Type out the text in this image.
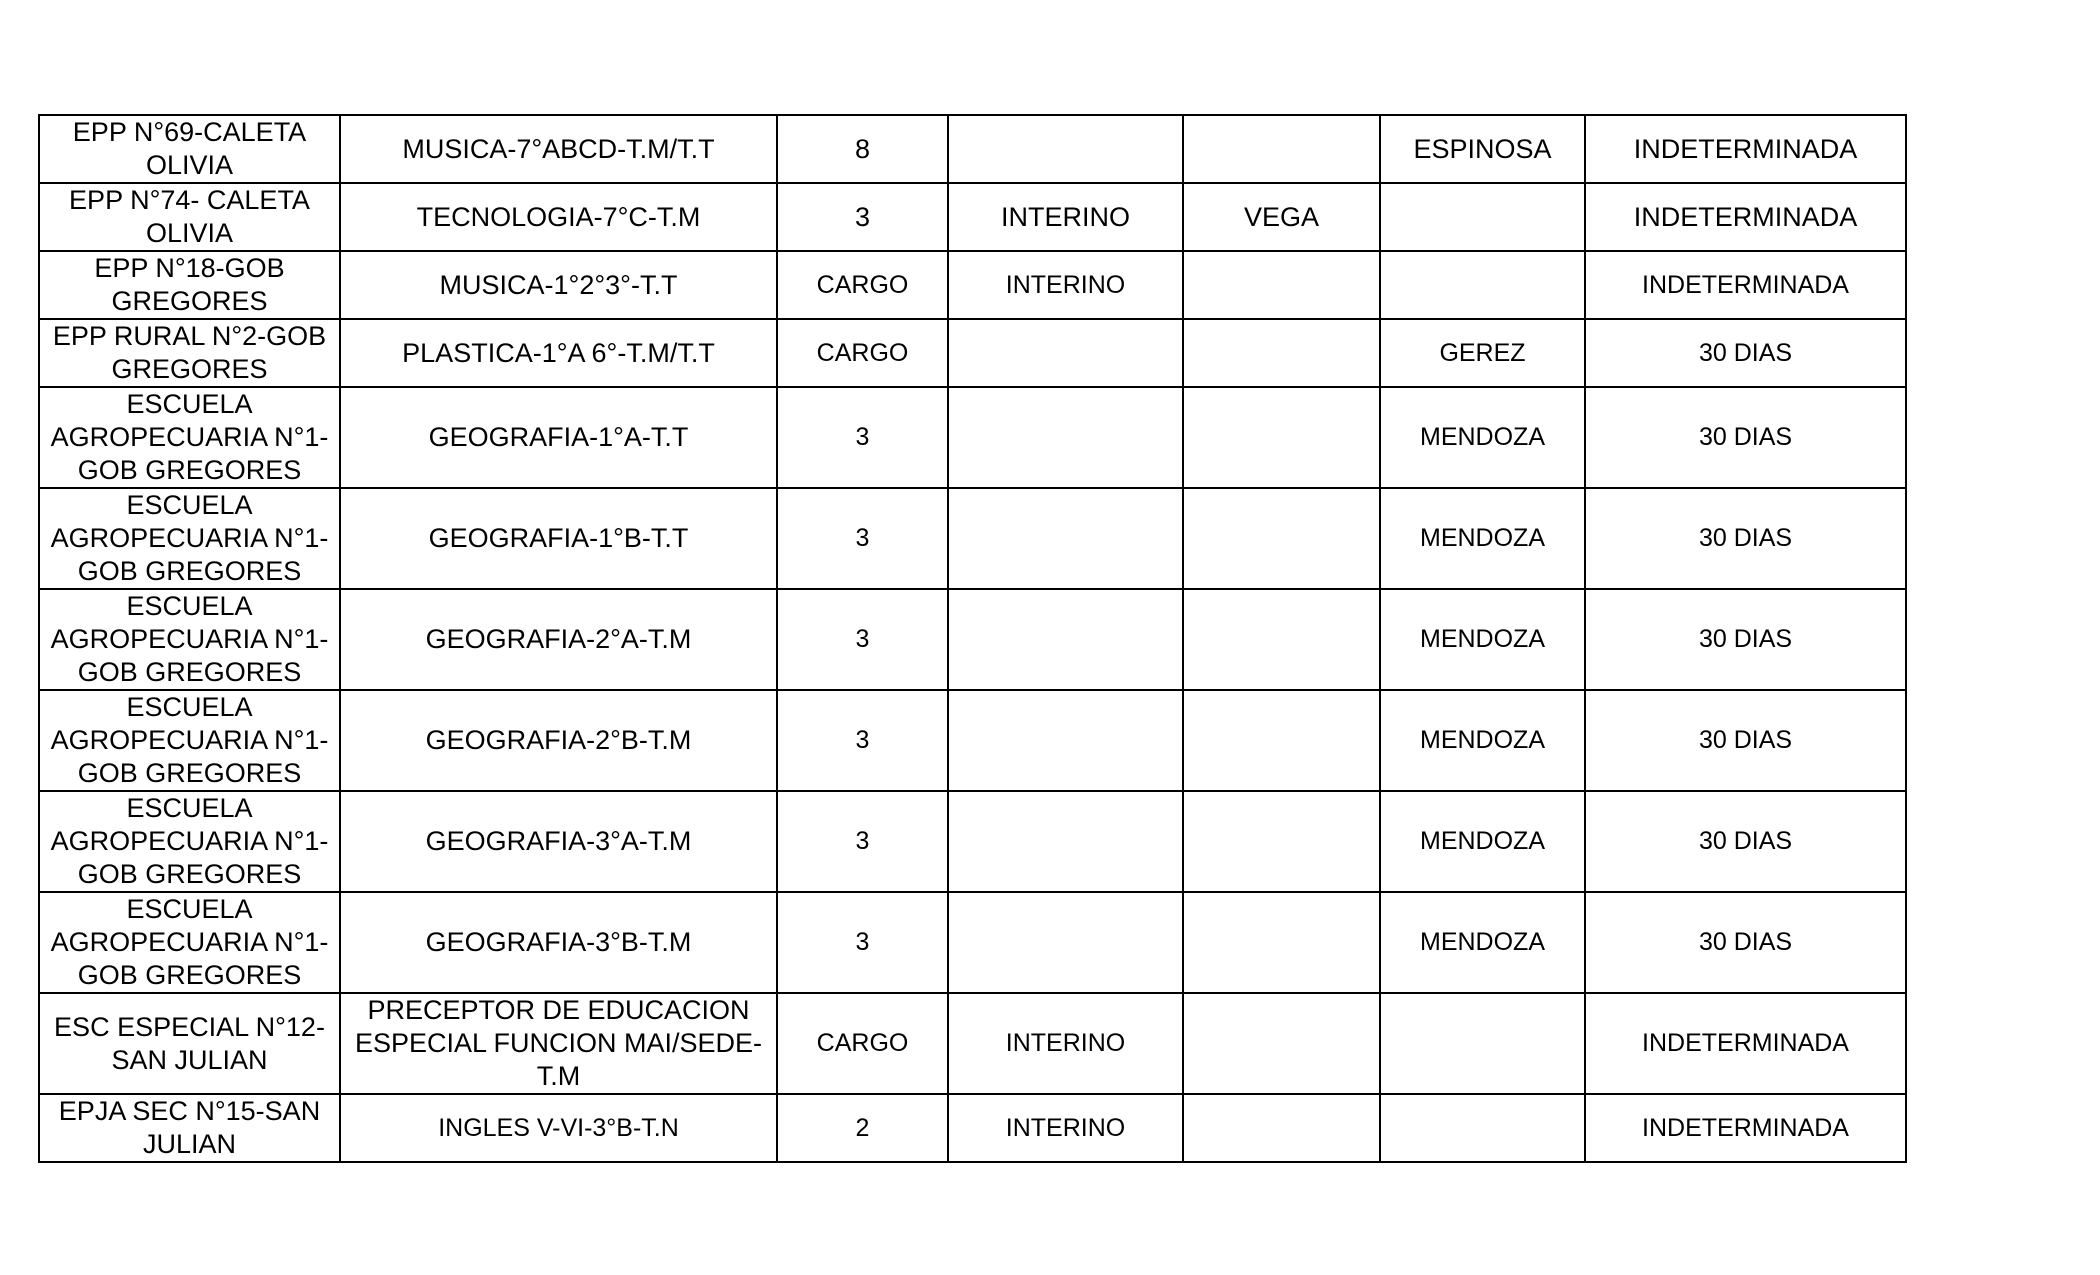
EPP N°69-CALETA OLIVIA	MUSICA-7°ABCD-T.M/T.T	8			ESPINOSA	INDETERMINADA
EPP N°74- CALETA OLIVIA	TECNOLOGIA-7°C-T.M	3	INTERINO	VEGA		INDETERMINADA
EPP N°18-GOB GREGORES	MUSICA-1°2°3°-T.T	CARGO	INTERINO			INDETERMINADA
EPP RURAL N°2-GOB GREGORES	PLASTICA-1°A 6°-T.M/T.T	CARGO			GEREZ	30 DIAS
ESCUELA AGROPECUARIA N°1-GOB GREGORES	GEOGRAFIA-1°A-T.T	3			MENDOZA	30 DIAS
ESCUELA AGROPECUARIA N°1-GOB GREGORES	GEOGRAFIA-1°B-T.T	3			MENDOZA	30 DIAS
ESCUELA AGROPECUARIA N°1-GOB GREGORES	GEOGRAFIA-2°A-T.M	3			MENDOZA	30 DIAS
ESCUELA AGROPECUARIA N°1-GOB GREGORES	GEOGRAFIA-2°B-T.M	3			MENDOZA	30 DIAS
ESCUELA AGROPECUARIA N°1-GOB GREGORES	GEOGRAFIA-3°A-T.M	3			MENDOZA	30 DIAS
ESCUELA AGROPECUARIA N°1-GOB GREGORES	GEOGRAFIA-3°B-T.M	3			MENDOZA	30 DIAS
ESC ESPECIAL N°12-SAN JULIAN	PRECEPTOR DE EDUCACION ESPECIAL FUNCION MAI/SEDE-T.M	CARGO	INTERINO			INDETERMINADA
EPJA SEC N°15-SAN JULIAN	INGLES V-VI-3°B-T.N	2	INTERINO			INDETERMINADA
